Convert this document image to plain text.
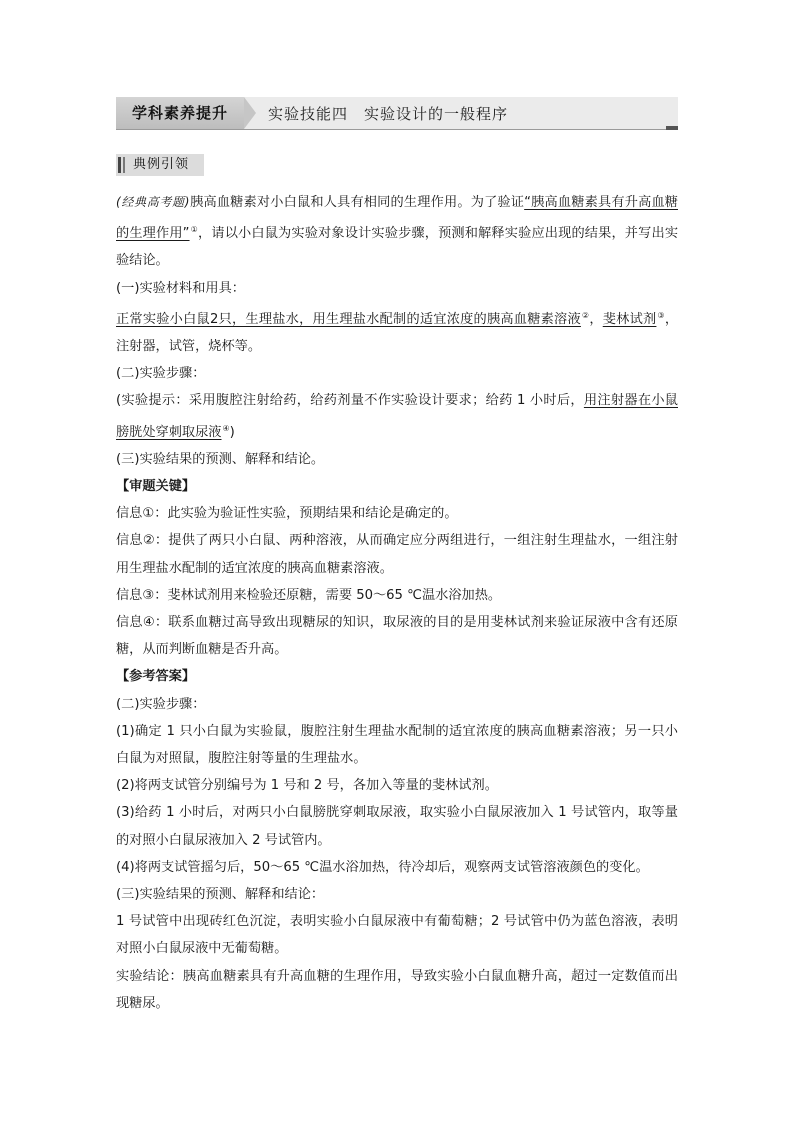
学科素养提升	实验技能四　实验设计的一般程序
典例引领

(经典高考题)胰高血糖素对小白鼠和人具有相同的生理作用。为了验证“胰高血糖素具有升高血糖的生理作用”①，请以小白鼠为实验对象设计实验步骤，预测和解释实验应出现的结果，并写出实验结论。

(一)实验材料和用具：

正常实验小白鼠2只，生理盐水，用生理盐水配制的适宜浓度的胰高血糖素溶液②，斐林试剂③，注射器，试管，烧杯等。

(二)实验步骤：

(实验提示：采用腹腔注射给药，给药剂量不作实验设计要求；给药 1 小时后，用注射器在小鼠膀胱处穿刺取尿液④)

(三)实验结果的预测、解释和结论。

【审题关键】

信息①：此实验为验证性实验，预期结果和结论是确定的。

信息②：提供了两只小白鼠、两种溶液，从而确定应分两组进行，一组注射生理盐水，一组注射用生理盐水配制的适宜浓度的胰高血糖素溶液。

信息③：斐林试剂用来检验还原糖，需要 50～65 ℃温水浴加热。

信息④：联系血糖过高导致出现糖尿的知识，取尿液的目的是用斐林试剂来验证尿液中含有还原糖，从而判断血糖是否升高。

【参考答案】

(二)实验步骤：

(1)确定 1 只小白鼠为实验鼠，腹腔注射生理盐水配制的适宜浓度的胰高血糖素溶液；另一只小白鼠为对照鼠，腹腔注射等量的生理盐水。

(2)将两支试管分别编号为 1 号和 2 号，各加入等量的斐林试剂。

(3)给药 1 小时后，对两只小白鼠膀胱穿刺取尿液，取实验小白鼠尿液加入 1 号试管内，取等量的对照小白鼠尿液加入 2 号试管内。

(4)将两支试管摇匀后，50～65 ℃温水浴加热，待冷却后，观察两支试管溶液颜色的变化。

(三)实验结果的预测、解释和结论：

1 号试管中出现砖红色沉淀，表明实验小白鼠尿液中有葡萄糖；2 号试管中仍为蓝色溶液，表明对照小白鼠尿液中无葡萄糖。

实验结论：胰高血糖素具有升高血糖的生理作用，导致实验小白鼠血糖升高，超过一定数值而出现糖尿。
